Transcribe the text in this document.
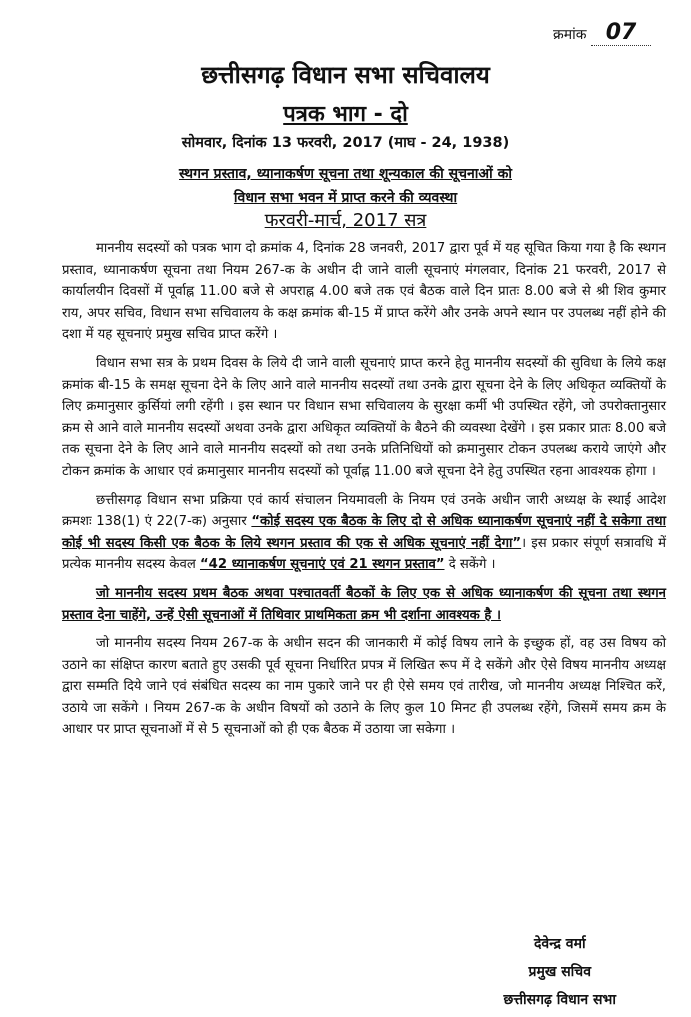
क्रमांक 07
छत्तीसगढ़ विधान सभा सचिवालय
पत्रक भाग - दो
सोमवार, दिनांक 13 फरवरी, 2017 (माघ - 24, 1938)
स्थगन प्रस्ताव, ध्यानाकर्षण सूचना तथा शून्यकाल की सूचनाओं को
विधान सभा भवन में प्राप्त करने की व्यवस्था
फरवरी-मार्च, 2017 सत्र

माननीय सदस्यों को पत्रक भाग दो क्रमांक 4, दिनांक 28 जनवरी, 2017 द्वारा पूर्व में यह सूचित किया गया है कि स्थगन प्रस्ताव, ध्यानाकर्षण सूचना तथा नियम 267-क के अधीन दी जाने वाली सूचनाएं मंगलवार, दिनांक 21 फरवरी, 2017 से कार्यालयीन दिवसों में पूर्वाह्न 11.00 बजे से अपराह्न 4.00 बजे तक एवं बैठक वाले दिन प्रातः 8.00 बजे से श्री शिव कुमार राय, अपर सचिव, विधान सभा सचिवालय के कक्ष क्रमांक बी-15 में प्राप्त करेंगे और उनके अपने स्थान पर उपलब्ध नहीं होने की दशा में यह सूचनाएं प्रमुख सचिव प्राप्त करेंगे ।

विधान सभा सत्र के प्रथम दिवस के लिये दी जाने वाली सूचनाएं प्राप्त करने हेतु माननीय सदस्यों की सुविधा के लिये कक्ष क्रमांक बी-15 के समक्ष सूचना देने के लिए आने वाले माननीय सदस्यों तथा उनके द्वारा सूचना देने के लिए अधिकृत व्यक्तियों के लिए क्रमानुसार कुर्सियां लगी रहेंगी । इस स्थान पर विधान सभा सचिवालय के सुरक्षा कर्मी भी उपस्थित रहेंगे, जो उपरोक्तानुसार क्रम से आने वाले माननीय सदस्यों अथवा उनके द्वारा अधिकृत व्यक्तियों के बैठने की व्यवस्था देखेंगे । इस प्रकार प्रातः 8.00 बजे तक सूचना देने के लिए आने वाले माननीय सदस्यों को तथा उनके प्रतिनिधियों को क्रमानुसार टोकन उपलब्ध कराये जाएंगे और टोकन क्रमांक के आधार एवं क्रमानुसार माननीय सदस्यों को पूर्वाह्न 11.00 बजे सूचना देने हेतु उपस्थित रहना आवश्यक होगा ।

छत्तीसगढ़ विधान सभा प्रक्रिया एवं कार्य संचालन नियमावली के नियम एवं उनके अधीन जारी अध्यक्ष के स्थाई आदेश क्रमशः 138(1) एं 22(7-क) अनुसार “कोई सदस्य एक बैठक के लिए दो से अधिक ध्यानाकर्षण सूचनाएं नहीं दे सकेगा तथा कोई भी सदस्य किसी एक बैठक के लिये स्थगन प्रस्ताव की एक से अधिक सूचनाएं नहीं देगा”। इस प्रकार संपूर्ण सत्रावधि में प्रत्येक माननीय सदस्य केवल “42 ध्यानाकर्षण सूचनाएं एवं 21 स्थगन प्रस्ताव” दे सकेंगे ।

जो माननीय सदस्य प्रथम बैठक अथवा पश्चातवर्ती बैठकों के लिए एक से अधिक ध्यानाकर्षण की सूचना तथा स्थगन प्रस्ताव देना चाहेंगे, उन्हें ऐसी सूचनाओं में तिथिवार प्राथमिकता क्रम भी दर्शाना आवश्यक है ।

जो माननीय सदस्य नियम 267-क के अधीन सदन की जानकारी में कोई विषय लाने के इच्छुक हों, वह उस विषय को उठाने का संक्षिप्त कारण बताते हुए उसकी पूर्व सूचना निर्धारित प्रपत्र में लिखित रूप में दे सकेंगे और ऐसे विषय माननीय अध्यक्ष द्वारा सम्मति दिये जाने एवं संबंधित सदस्य का नाम पुकारे जाने पर ही ऐसे समय एवं तारीख, जो माननीय अध्यक्ष निश्चित करें, उठाये जा सकेंगे । नियम 267-क के अधीन विषयों को उठाने के लिए कुल 10 मिनट ही उपलब्ध रहेंगे, जिसमें समय क्रम के आधार पर प्राप्त सूचनाओं में से 5 सूचनाओं को ही एक बैठक में उठाया जा सकेगा ।

देवेन्द्र वर्मा
प्रमुख सचिव
छत्तीसगढ़ विधान सभा
